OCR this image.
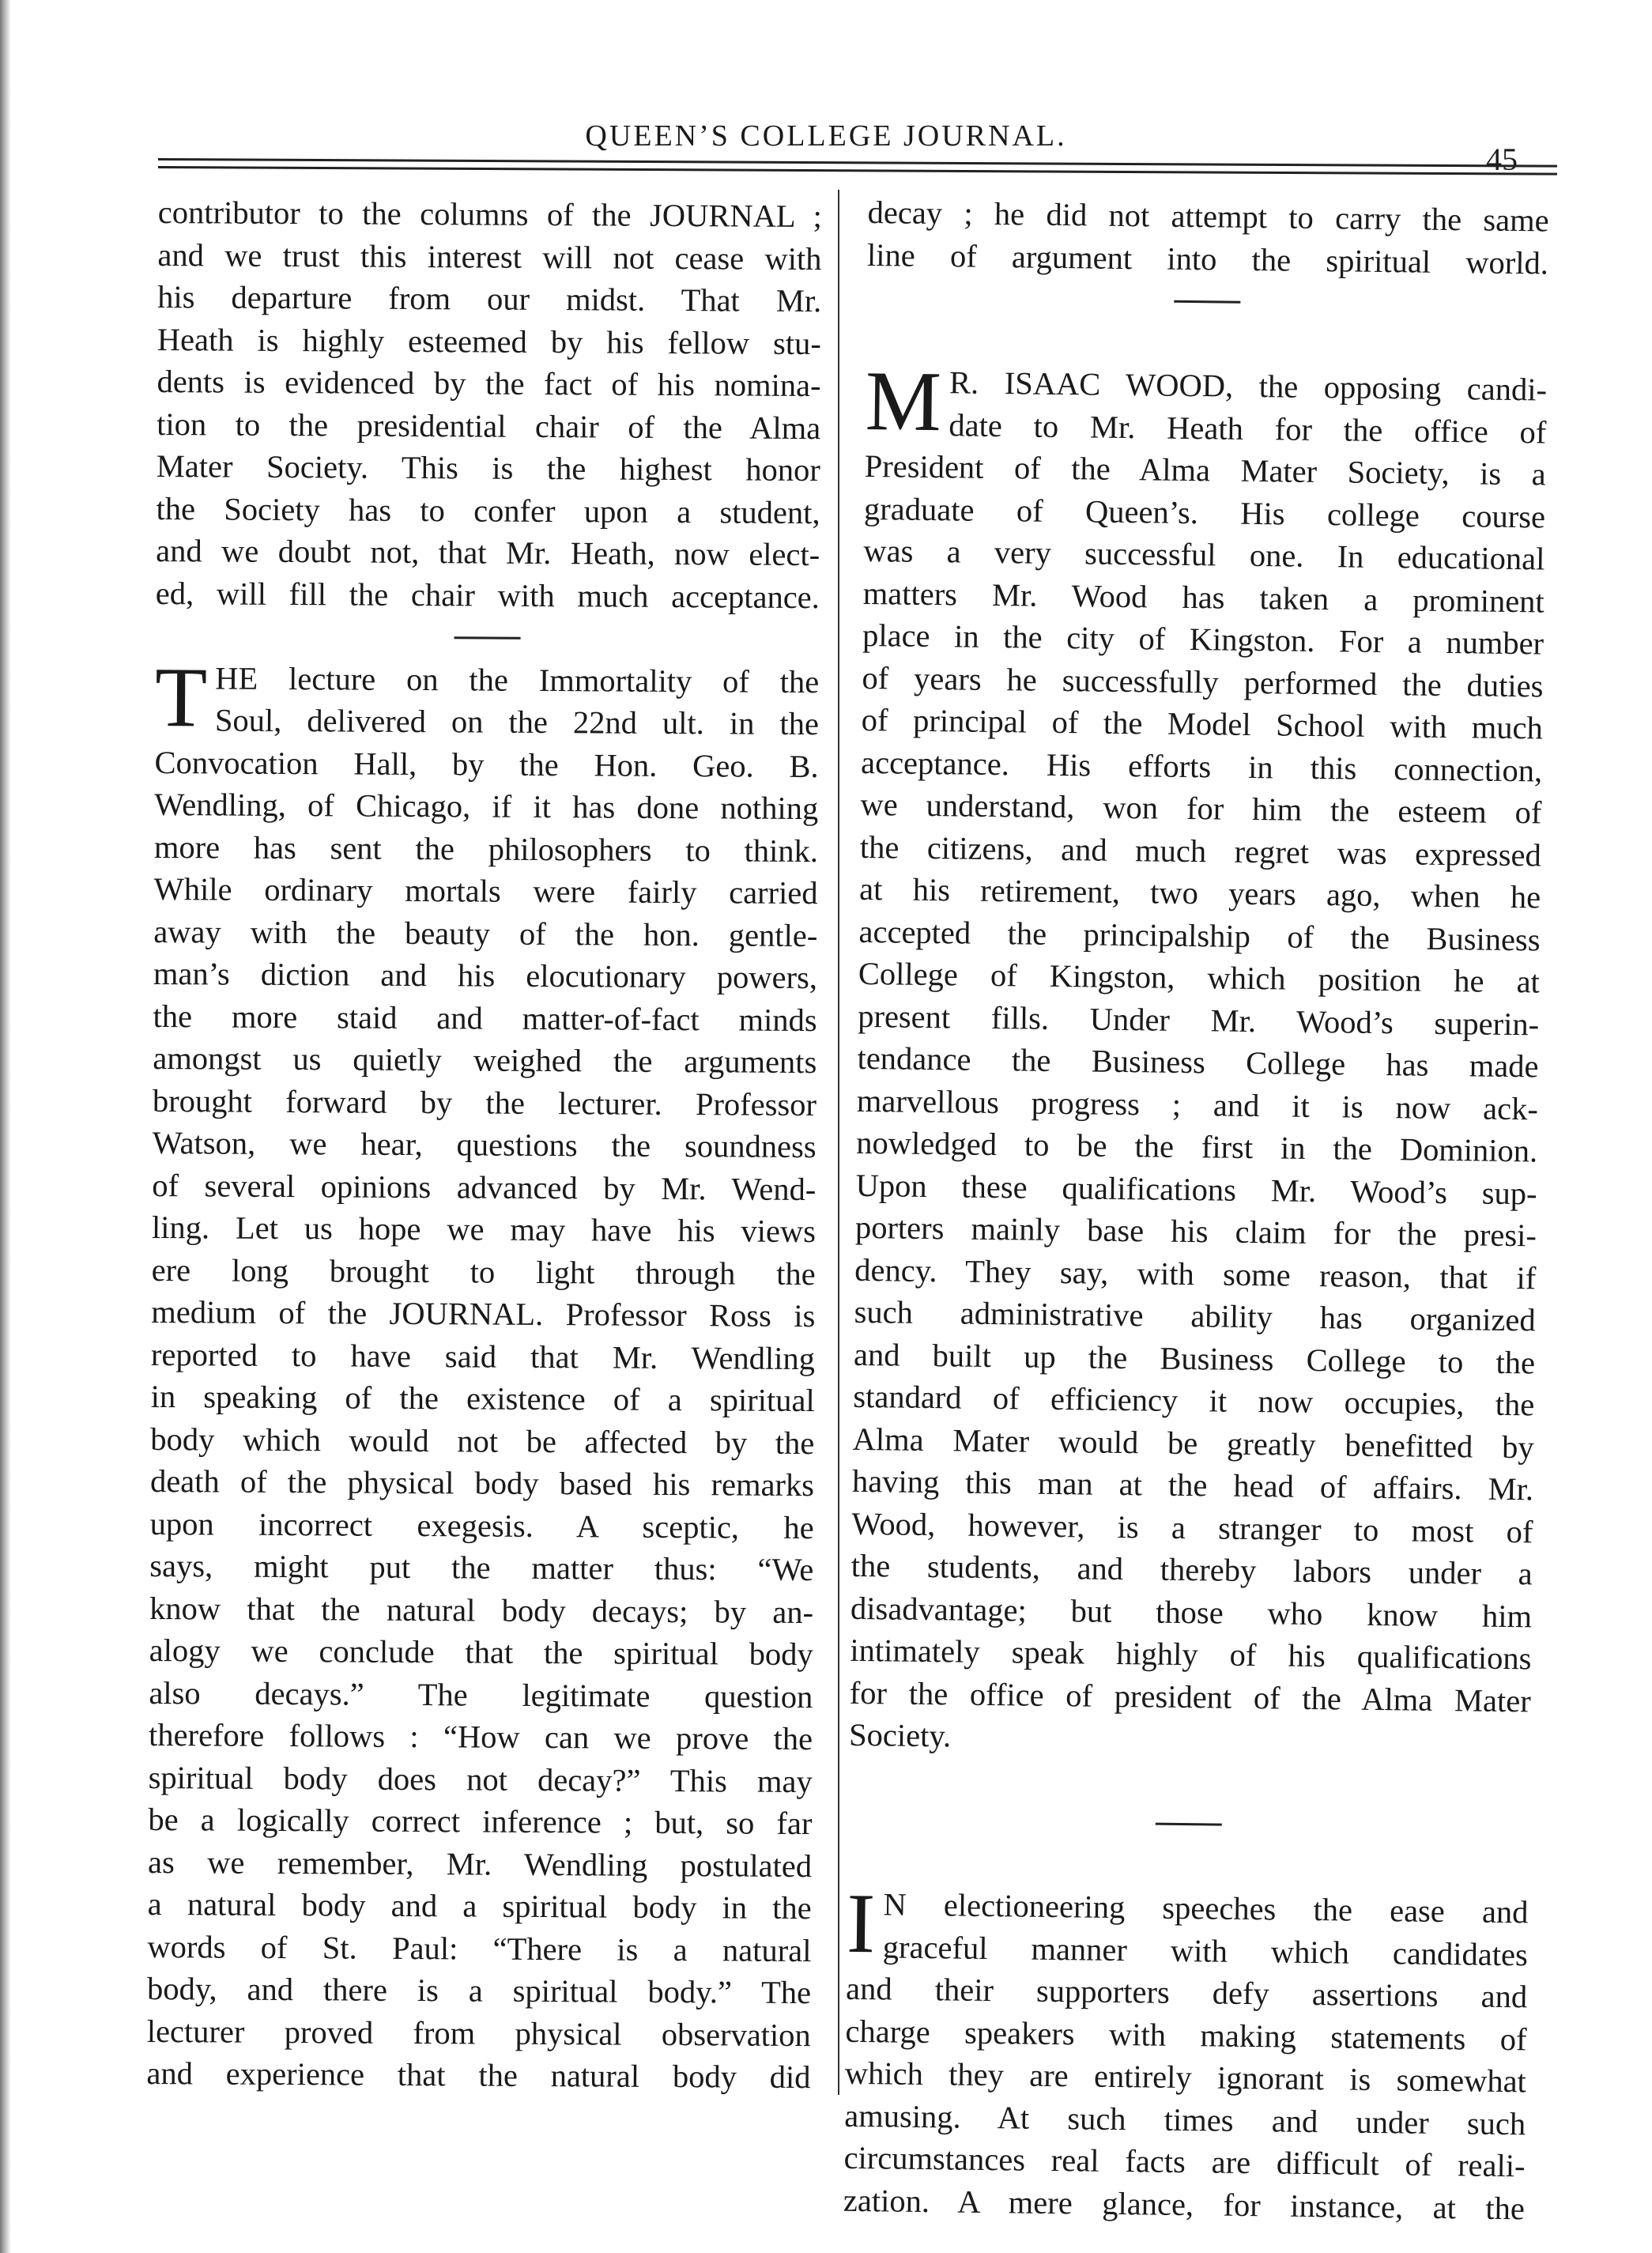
QUEEN’S COLLEGE JOURNAL.
45
contributor to the columns of the JOURNAL ;
and we trust this interest will not cease with
his departure from our midst. That Mr.
Heath is highly esteemed by his fellow stu-
dents is evidenced by the fact of his nomina-
tion to the presidential chair of the Alma
Mater Society. This is the highest honor
the Society has to confer upon a student,
and we doubt not, that Mr. Heath, now elect-
ed, will fill the chair with much acceptance.
T HE lecture on the Immortality of the
Soul, delivered on the 22nd ult. in the
Convocation Hall, by the Hon. Geo. B.
Wendling, of Chicago, if it has done nothing
more has sent the philosophers to think.
While ordinary mortals were fairly carried
away with the beauty of the hon. gentle-
man’s diction and his elocutionary powers,
the more staid and matter-of-fact minds
amongst us quietly weighed the arguments
brought forward by the lecturer. Professor
Watson, we hear, questions the soundness
of several opinions advanced by Mr. Wend-
ling. Let us hope we may have his views
ere long brought to light through the
medium of the JOURNAL. Professor Ross is
reported to have said that Mr. Wendling
in speaking of the existence of a spiritual
body which would not be affected by the
death of the physical body based his remarks
upon incorrect exegesis. A sceptic, he
says, might put the matter thus: “We
know that the natural body decays; by an-
alogy we conclude that the spiritual body
also decays.” The legitimate question
therefore follows : “How can we prove the
spiritual body does not decay?” This may
be a logically correct inference ; but, so far
as we remember, Mr. Wendling postulated
a natural body and a spiritual body in the
words of St. Paul: “There is a natural
body, and there is a spiritual body.” The
lecturer proved from physical observation
and experience that the natural body did
decay ; he did not attempt to carry the same
line of argument into the spiritual world.
M R. ISAAC WOOD, the opposing candi-
date to Mr. Heath for the office of
President of the Alma Mater Society, is a
graduate of Queen’s. His college course
was a very successful one. In educational
matters Mr. Wood has taken a prominent
place in the city of Kingston. For a number
of years he successfully performed the duties
of principal of the Model School with much
acceptance. His efforts in this connection,
we understand, won for him the esteem of
the citizens, and much regret was expressed
at his retirement, two years ago, when he
accepted the principalship of the Business
College of Kingston, which position he at
present fills. Under Mr. Wood’s superin-
tendance the Business College has made
marvellous progress ; and it is now ack-
nowledged to be the first in the Dominion.
Upon these qualifications Mr. Wood’s sup-
porters mainly base his claim for the presi-
dency. They say, with some reason, that if
such administrative ability has organized
and built up the Business College to the
standard of efficiency it now occupies, the
Alma Mater would be greatly benefitted by
having this man at the head of affairs. Mr.
Wood, however, is a stranger to most of
the students, and thereby labors under a
disadvantage; but those who know him
intimately speak highly of his qualifications
for the office of president of the Alma Mater
Society.
I N electioneering speeches the ease and
graceful manner with which candidates
and their supporters defy assertions and
charge speakers with making statements of
which they are entirely ignorant is somewhat
amusing. At such times and under such
circumstances real facts are difficult of reali-
zation. A mere glance, for instance, at the
